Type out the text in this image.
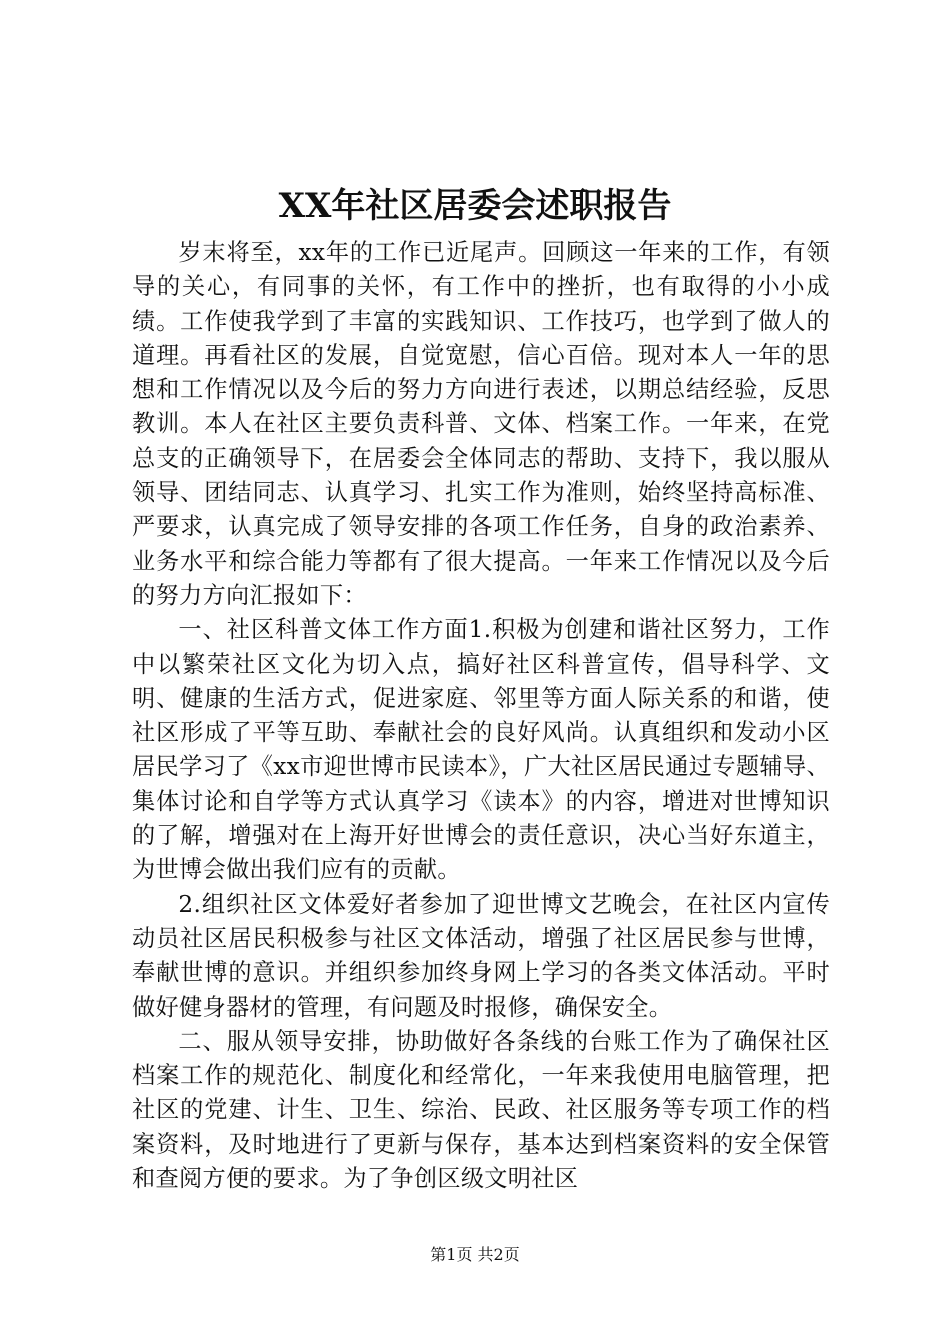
XX年社区居委会述职报告

岁末将至，xx年的工作已近尾声。回顾这一年来的工作，有领导的关心，有同事的关怀，有工作中的挫折，也有取得的小小成绩。工作使我学到了丰富的实践知识、工作技巧，也学到了做人的道理。再看社区的发展，自觉宽慰，信心百倍。现对本人一年的思想和工作情况以及今后的努力方向进行表述，以期总结经验，反思教训。本人在社区主要负责科普、文体、档案工作。一年来，在党总支的正确领导下，在居委会全体同志的帮助、支持下，我以服从领导、团结同志、认真学习、扎实工作为准则，始终坚持高标准、严要求，认真完成了领导安排的各项工作任务，自身的政治素养、业务水平和综合能力等都有了很大提高。一年来工作情况以及今后的努力方向汇报如下：

一、社区科普文体工作方面1.积极为创建和谐社区努力，工作中以繁荣社区文化为切入点，搞好社区科普宣传，倡导科学、文明、健康的生活方式，促进家庭、邻里等方面人际关系的和谐，使社区形成了平等互助、奉献社会的良好风尚。认真组织和发动小区居民学习了《xx市迎世博市民读本》，广大社区居民通过专题辅导、集体讨论和自学等方式认真学习《读本》的内容，增进对世博知识的了解，增强对在上海开好世博会的责任意识，决心当好东道主，为世博会做出我们应有的贡献。

2.组织社区文体爱好者参加了迎世博文艺晚会，在社区内宣传动员社区居民积极参与社区文体活动，增强了社区居民参与世博，奉献世博的意识。并组织参加终身网上学习的各类文体活动。平时做好健身器材的管理，有问题及时报修，确保安全。

二、服从领导安排，协助做好各条线的台账工作为了确保社区档案工作的规范化、制度化和经常化，一年来我使用电脑管理，把社区的党建、计生、卫生、综治、民政、社区服务等专项工作的档案资料，及时地进行了更新与保存，基本达到档案资料的安全保管和查阅方便的要求。为了争创区级文明社区

第1页 共2页
